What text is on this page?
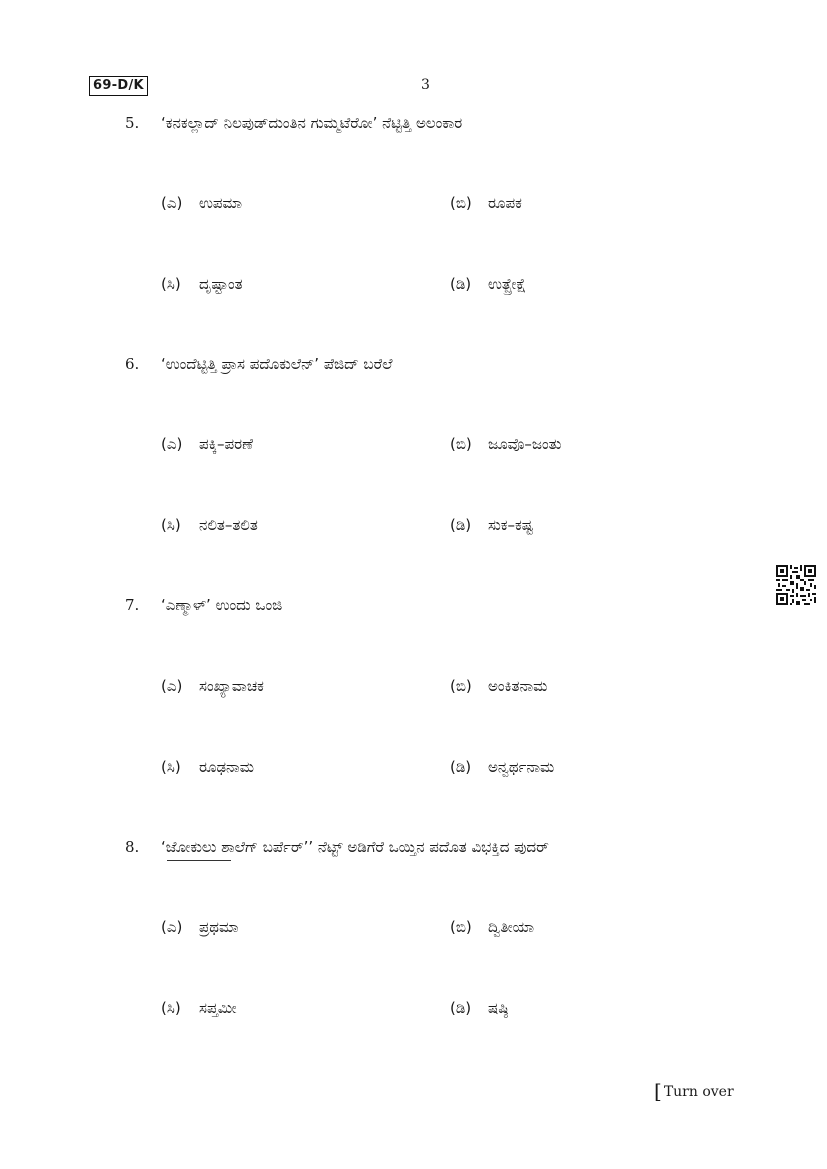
69-D/K	3
5. ‘ಕನಕಲ್ಲಾದ್ ನಿಲಪುಡ್‌ದುಂತಿನ ಗುಮ್ಮಟೆರೋ’ ನೆಟ್ಟಿತ್ತಿ ಅಲಂಕಾರ
(ಎ) ಉಪಮಾ	(ಬಿ) ರೂಪಕ
(ಸಿ) ದೃಷ್ಟಾಂತ	(ಡಿ) ಉತ್ಪ್ರೇಕ್ಷೆ
6. ‘ಉಂದೆಟ್ಟಿತ್ತಿ ಪ್ರಾಸ ಪದೊಕುಲೆನ್’ ಪೆಜಿದ್ ಬರೆಲೆ
(ಎ) ಪಕ್ಕಿ–ಪರಣೆ	(ಬಿ) ಜೂವೊ–ಜಂತು
(ಸಿ) ನಲಿತ–ತಲಿತ	(ಡಿ) ಸುಕ–ಕಷ್ಟ
7. ‘ಎಣ್ಮಾಳ್’ ಉಂದು ಒಂಜಿ
(ಎ) ಸಂಖ್ಯಾವಾಚಕ	(ಬಿ) ಅಂಕಿತನಾಮ
(ಸಿ) ರೂಢನಾಮ	(ಡಿ) ಅನ್ವರ್ಥನಾಮ
8. ‘ಜೋಕುಲು ಶಾಲೆಗ್ ಬರ್ಪೆರ್’’ ನೆಟ್ಟ್ ಅಡಿಗೆರೆ ಒಯ್ತಿನ ಪದೊತ ವಿಭಕ್ತಿದ ಪುದರ್
(ಎ) ಪ್ರಥಮಾ	(ಬಿ) ದ್ವಿತೀಯಾ
(ಸಿ) ಸಪ್ತಮೀ	(ಡಿ) ಷಷ್ಠಿ
[ Turn over
